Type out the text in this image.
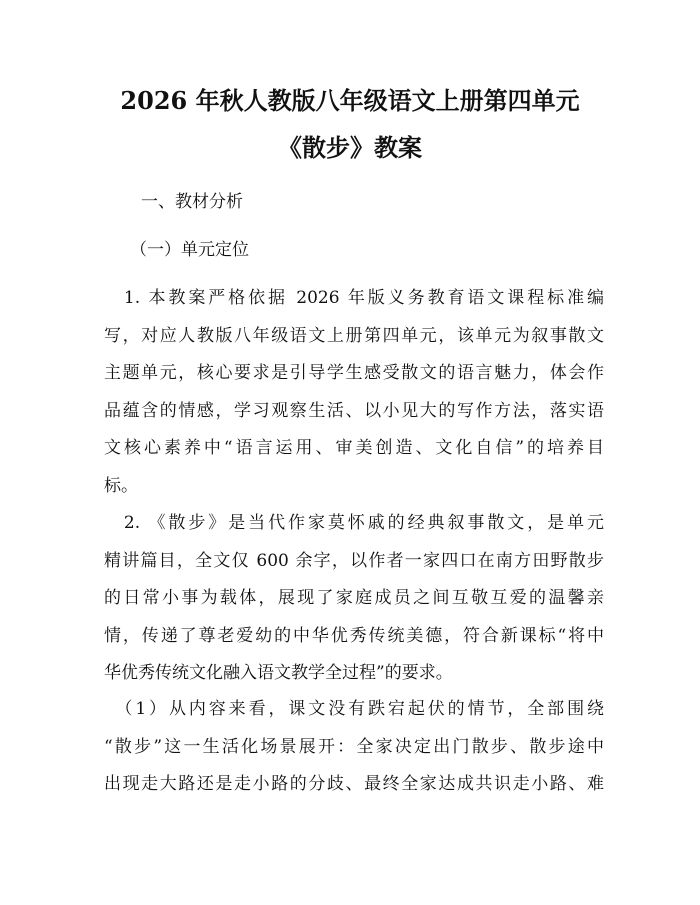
2026 年秋人教版八年级语文上册第四单元
《散步》教案
一、教材分析
（一）单元定位
　1. 本教案严格依据 2026 年版义务教育语文课程标准编
写，对应人教版八年级语文上册第四单元，该单元为叙事散文
主题单元，核心要求是引导学生感受散文的语言魅力，体会作
品蕴含的情感，学习观察生活、以小见大的写作方法，落实语
文核心素养中“语言运用、审美创造、文化自信”的培养目
标。
　2. 《散步》是当代作家莫怀戚的经典叙事散文，是单元
精讲篇目，全文仅 600 余字，以作者一家四口在南方田野散步
的日常小事为载体，展现了家庭成员之间互敬互爱的温馨亲
情，传递了尊老爱幼的中华优秀传统美德，符合新课标“将中
华优秀传统文化融入语文教学全过程”的要求。
　（1）从内容来看，课文没有跌宕起伏的情节，全部围绕
“散步”这一生活化场景展开：全家决定出门散步、散步途中
出现走大路还是走小路的分歧、最终全家达成共识走小路、难
